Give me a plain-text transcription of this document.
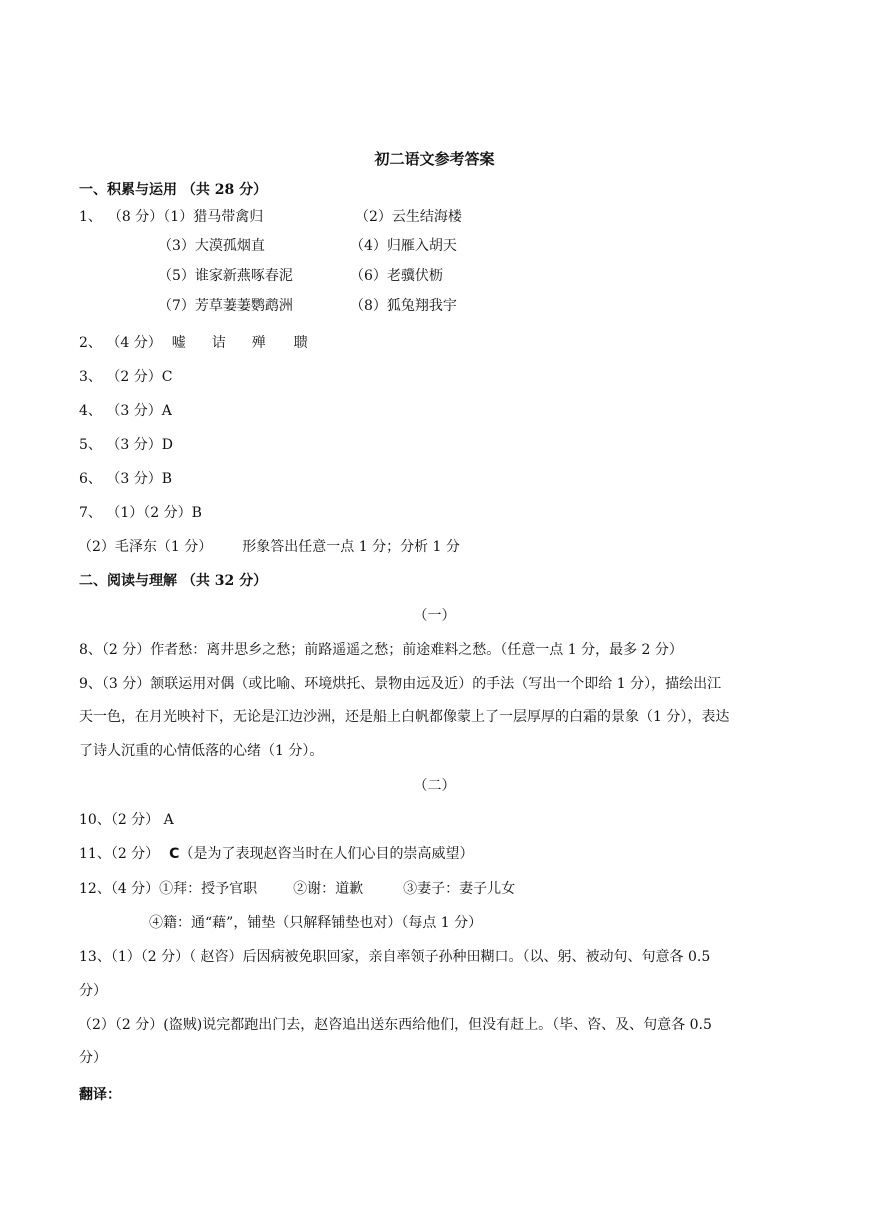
初二语文参考答案
一、积累与运用 （共 28 分）
1、 （8 分）（1）猎马带禽归	（2）云生结海楼
（3）大漠孤烟直	（4）归雁入胡天
（5）谁家新燕啄春泥	（6）老骥伏枥
（7）芳草萋萋鹦鹉洲	（8）狐兔翔我宇
2、 （4 分） 嘘 诘 殚 聩
3、 （2 分）C
4、 （3 分）A
5、 （3 分）D
6、 （3 分）B
7、 （1）（2 分）B
（2）毛泽东（1 分） 形象答出任意一点 1 分；分析 1 分
二、阅读与理解 （共 32 分）
（一）
8、（2 分）作者愁：离井思乡之愁；前路遥遥之愁；前途难料之愁。（任意一点 1 分，最多 2 分）
9、（3 分）颔联运用对偶（或比喻、环境烘托、景物由远及近）的手法（写出一个即给 1 分），描绘出江
天一色，在月光映衬下，无论是江边沙洲，还是船上白帆都像蒙上了一层厚厚的白霜的景象（1 分），表达
了诗人沉重的心情低落的心绪（1 分）。
（二）
10、（2 分） A
11、（2 分） C（是为了表现赵咨当时在人们心目的崇高威望）
12、（4 分）①拜：授予官职	②谢：道歉	③妻子：妻子儿女
④籍：通“藉”，铺垫（只解释铺垫也对）（每点 1 分）
13、（1）（2 分）（ 赵咨）后因病被免职回家，亲自率领子孙种田糊口。（以、躬、被动句、句意各 0.5
分）
（2）（2 分）(盗贼)说完都跑出门去，赵咨追出送东西给他们，但没有赶上。（毕、咨、及、句意各 0.5
分）
翻译：
